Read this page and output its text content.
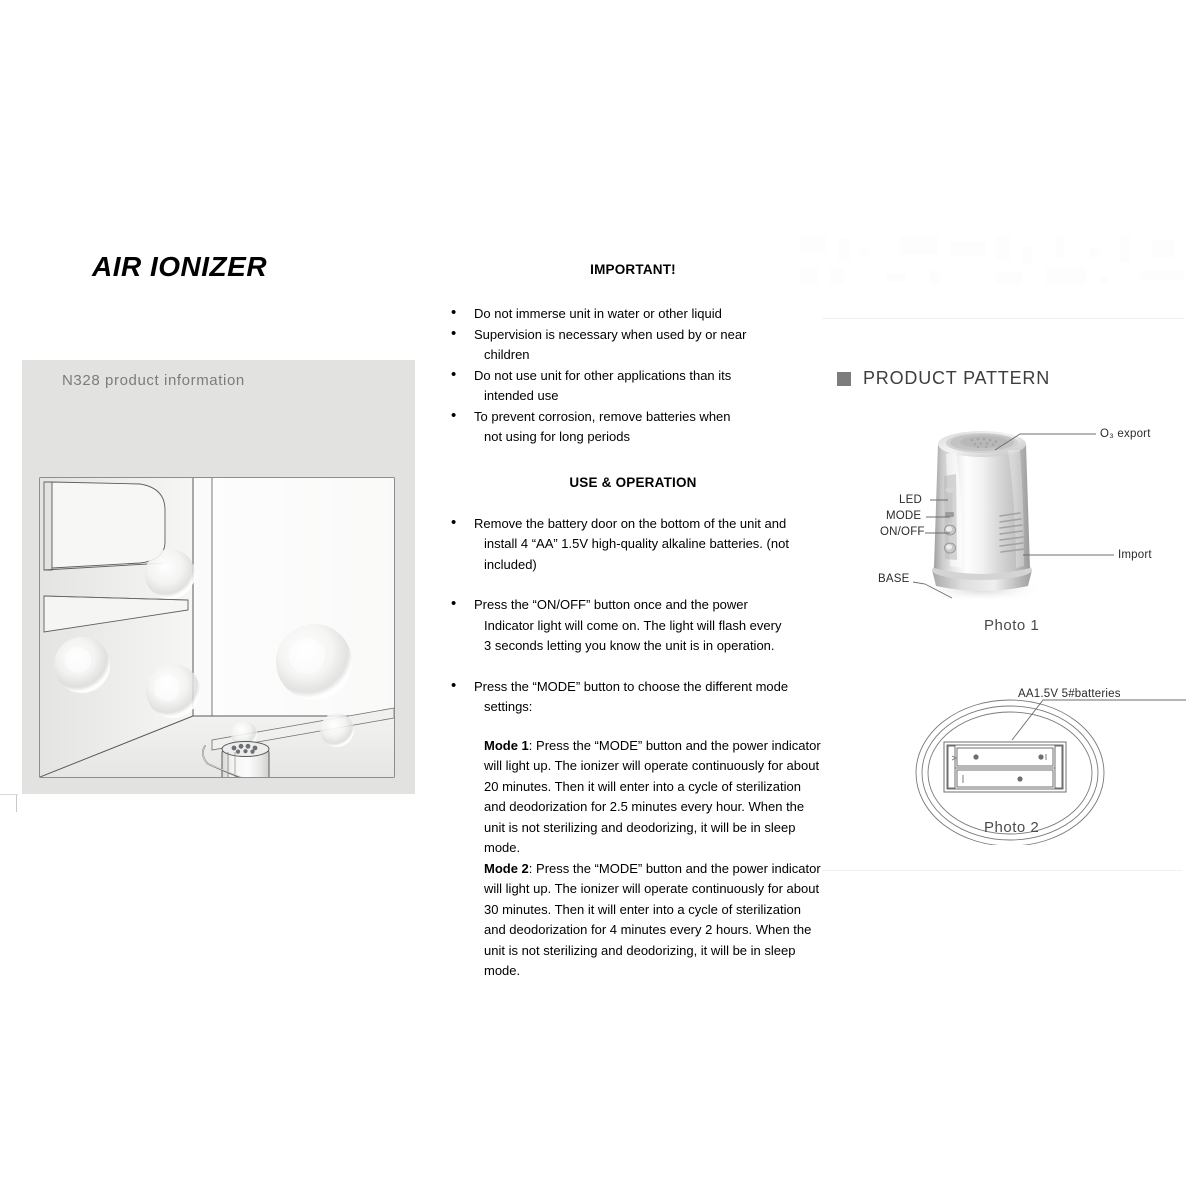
AIR IONIZER
N328 product information
IMPORTANT!
• Do not immerse unit in water or other liquid
• Supervision is necessary when used by or near
children
• Do not use unit for other applications than its
intended use
• To prevent corrosion, remove batteries when
not using for long periods
USE & OPERATION
• Remove the battery door on the bottom of the unit and
install 4 “AA” 1.5V high-quality alkaline batteries. (not
included)
• Press the “ON/OFF” button once and the power
Indicator light will come on. The light will flash every
3 seconds letting you know the unit is in operation.
• Press the “MODE” button to choose the different mode
settings:

Mode 1: Press the “MODE” button and the power indicator will light up. The ionizer will operate continuously for about 20 minutes. Then it will enter into a cycle of sterilization and deodorization for 2.5 minutes every hour. When the unit is not sterilizing and deodorizing, it will be in sleep mode.

Mode 2: Press the “MODE” button and the power indicator will light up. The ionizer will operate continuously for about 30 minutes. Then it will enter into a cycle of sterilization and deodorization for 4 minutes every 2 hours. When the unit is not sterilizing and deodorizing, it will be in sleep mode.

PRODUCT PATTERN
O₃ export
LED
MODE
ON/OFF
Import
BASE
Photo 1
AA1.5V 5#batteries
Photo 2
